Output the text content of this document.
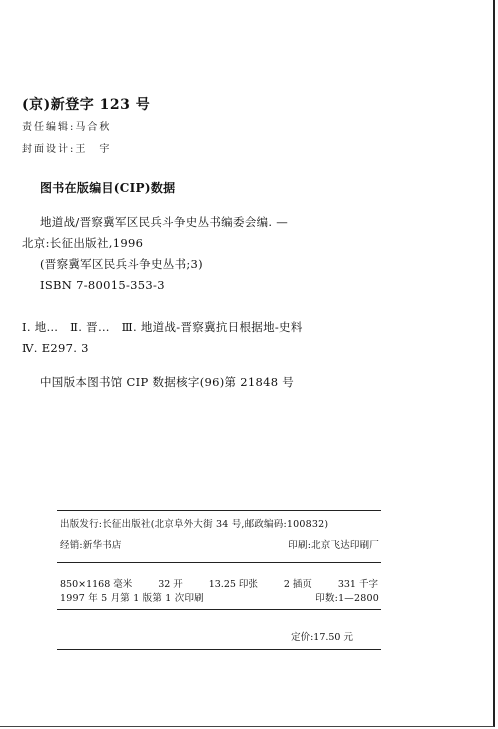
(京)新登字 123 号
责任编辑:马合秋
封面设计:王　宇
图书在版编目(CIP)数据
地道战/晋察冀军区民兵斗争史丛书编委会编. —
北京:长征出版社,1996
(晋察冀军区民兵斗争史丛书;3)
ISBN 7-80015-353-3
Ⅰ. 地…　Ⅱ. 晋…　Ⅲ. 地道战-晋察冀抗日根据地-史料
Ⅳ. E297. 3
中国版本图书馆 CIP 数据核字(96)第 21848 号
出版发行:长征出版社(北京阜外大街 34 号,邮政编码:100832)
经销:新华书店	印刷:北京飞达印刷厂
850×1168 毫米	32 开	13.25 印张	2 插页	331 千字
1997 年 5 月第 1 版第 1 次印刷	印数:1—2800
定价:17.50 元
